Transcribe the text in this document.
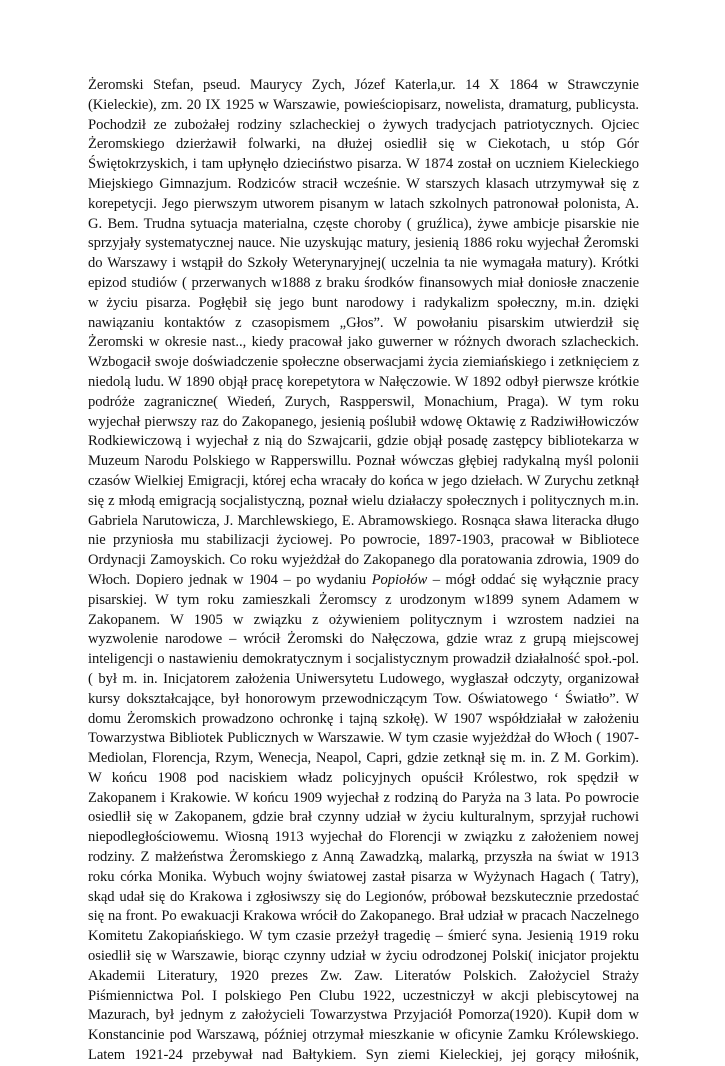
Żeromski Stefan, pseud. Maurycy Zych, Józef Katerla,ur. 14 X 1864 w Strawczynie
(Kieleckie), zm. 20 IX 1925 w Warszawie, powieściopisarz, nowelista, dramaturg, publicysta.
Pochodził ze zubożałej rodziny szlacheckiej o żywych tradycjach patriotycznych. Ojciec
Żeromskiego dzierżawił folwarki, na dłużej osiedlił się w Ciekotach, u stóp Gór
Świętokrzyskich, i tam upłynęło dzieciństwo pisarza. W 1874 został on uczniem Kieleckiego
Miejskiego Gimnazjum. Rodziców stracił wcześnie. W starszych klasach utrzymywał się z
korepetycji. Jego pierwszym utworem pisanym w latach szkolnych patronował polonista, A.
G. Bem. Trudna sytuacja materialna, częste choroby ( gruźlica), żywe ambicje pisarskie nie
sprzyjały systematycznej nauce. Nie uzyskując matury, jesienią 1886 roku wyjechał Żeromski
do Warszawy i wstąpił do Szkoły Weterynaryjnej( uczelnia ta nie wymagała matury). Krótki
epizod studiów ( przerwanych w1888 z braku środków finansowych miał doniosłe znaczenie
w życiu pisarza. Pogłębił się jego bunt narodowy i radykalizm społeczny, m.in. dzięki
nawiązaniu kontaktów z czasopismem „Głos”. W powołaniu pisarskim utwierdził się
Żeromski w okresie nast.., kiedy pracował jako guwerner w różnych dworach szlacheckich.
Wzbogacił swoje doświadczenie społeczne obserwacjami życia ziemiańskiego i zetknięciem z
niedolą ludu. W 1890 objął pracę korepetytora w Nałęczowie. W 1892 odbył pierwsze krótkie
podróże zagraniczne( Wiedeń, Zurych, Raspperswil, Monachium, Praga). W tym roku
wyjechał pierwszy raz do Zakopanego, jesienią poślubił wdowę Oktawię z Radziwiłłowiczów
Rodkiewiczową i wyjechał z nią do Szwajcarii, gdzie objął posadę zastępcy bibliotekarza w
Muzeum Narodu Polskiego w Rapperswillu. Poznał wówczas głębiej radykalną myśl polonii
czasów Wielkiej Emigracji, której echa wracały do końca w jego dziełach. W Zurychu zetknął
się z młodą emigracją socjalistyczną, poznał wielu działaczy społecznych i politycznych m.in.
Gabriela Narutowicza, J. Marchlewskiego, E. Abramowskiego. Rosnąca sława literacka długo
nie przyniosła mu stabilizacji życiowej. Po powrocie, 1897-1903, pracował w Bibliotece
Ordynacji Zamoyskich. Co roku wyjeżdżał do Zakopanego dla poratowania zdrowia, 1909 do
Włoch. Dopiero jednak w 1904 – po wydaniu Popiołów – mógł oddać się wyłącznie pracy
pisarskiej. W tym roku zamieszkali Żeromscy z urodzonym w1899 synem Adamem w
Zakopanem. W 1905 w związku z ożywieniem politycznym i wzrostem nadziei na
wyzwolenie narodowe – wrócił Żeromski do Nałęczowa, gdzie wraz z grupą miejscowej
inteligencji o nastawieniu demokratycznym i socjalistycznym prowadził działalność społ.-pol.
( był m. in. Inicjatorem założenia Uniwersytetu Ludowego, wygłaszał odczyty, organizował
kursy dokształcające, był honorowym przewodniczącym Tow. Oświatowego ‘ Światło”. W
domu Żeromskich prowadzono ochronkę i tajną szkołę). W 1907 współdziałał w założeniu
Towarzystwa Bibliotek Publicznych w Warszawie. W tym czasie wyjeżdżał do Włoch ( 1907-
Mediolan, Florencja, Rzym, Wenecja, Neapol, Capri, gdzie zetknął się m. in. Z M. Gorkim).
W końcu 1908 pod naciskiem władz policyjnych opuścił Królestwo, rok spędził w
Zakopanem i Krakowie. W końcu 1909 wyjechał z rodziną do Paryża na 3 lata. Po powrocie
osiedlił się w Zakopanem, gdzie brał czynny udział w życiu kulturalnym, sprzyjał ruchowi
niepodległościowemu. Wiosną 1913 wyjechał do Florencji w związku z założeniem nowej
rodziny. Z małżeństwa Żeromskiego z Anną Zawadzką, malarką, przyszła na świat w 1913
roku córka Monika. Wybuch wojny światowej zastał pisarza w Wyżynach Hagach ( Tatry),
skąd udał się do Krakowa i zgłosiwszy się do Legionów, próbował bezskutecznie przedostać
się na front. Po ewakuacji Krakowa wrócił do Zakopanego. Brał udział w pracach Naczelnego
Komitetu Zakopiańskiego. W tym czasie przeżył tragedię – śmierć syna. Jesienią 1919 roku
osiedlił się w Warszawie, biorąc czynny udział w życiu odrodzonej Polski( inicjator projektu
Akademii Literatury, 1920 prezes Zw. Zaw. Literatów Polskich. Założyciel Straży
Piśmiennictwa Pol. I polskiego Pen Clubu 1922, uczestniczył w akcji plebiscytowej na
Mazurach, był jednym z założycieli Towarzystwa Przyjaciół Pomorza(1920). Kupił dom w
Konstancinie pod Warszawą, później otrzymał mieszkanie w oficynie Zamku Królewskiego.
Latem 1921-24 przebywał nad Bałtykiem. Syn ziemi Kieleckiej, jej gorący miłośnik,
